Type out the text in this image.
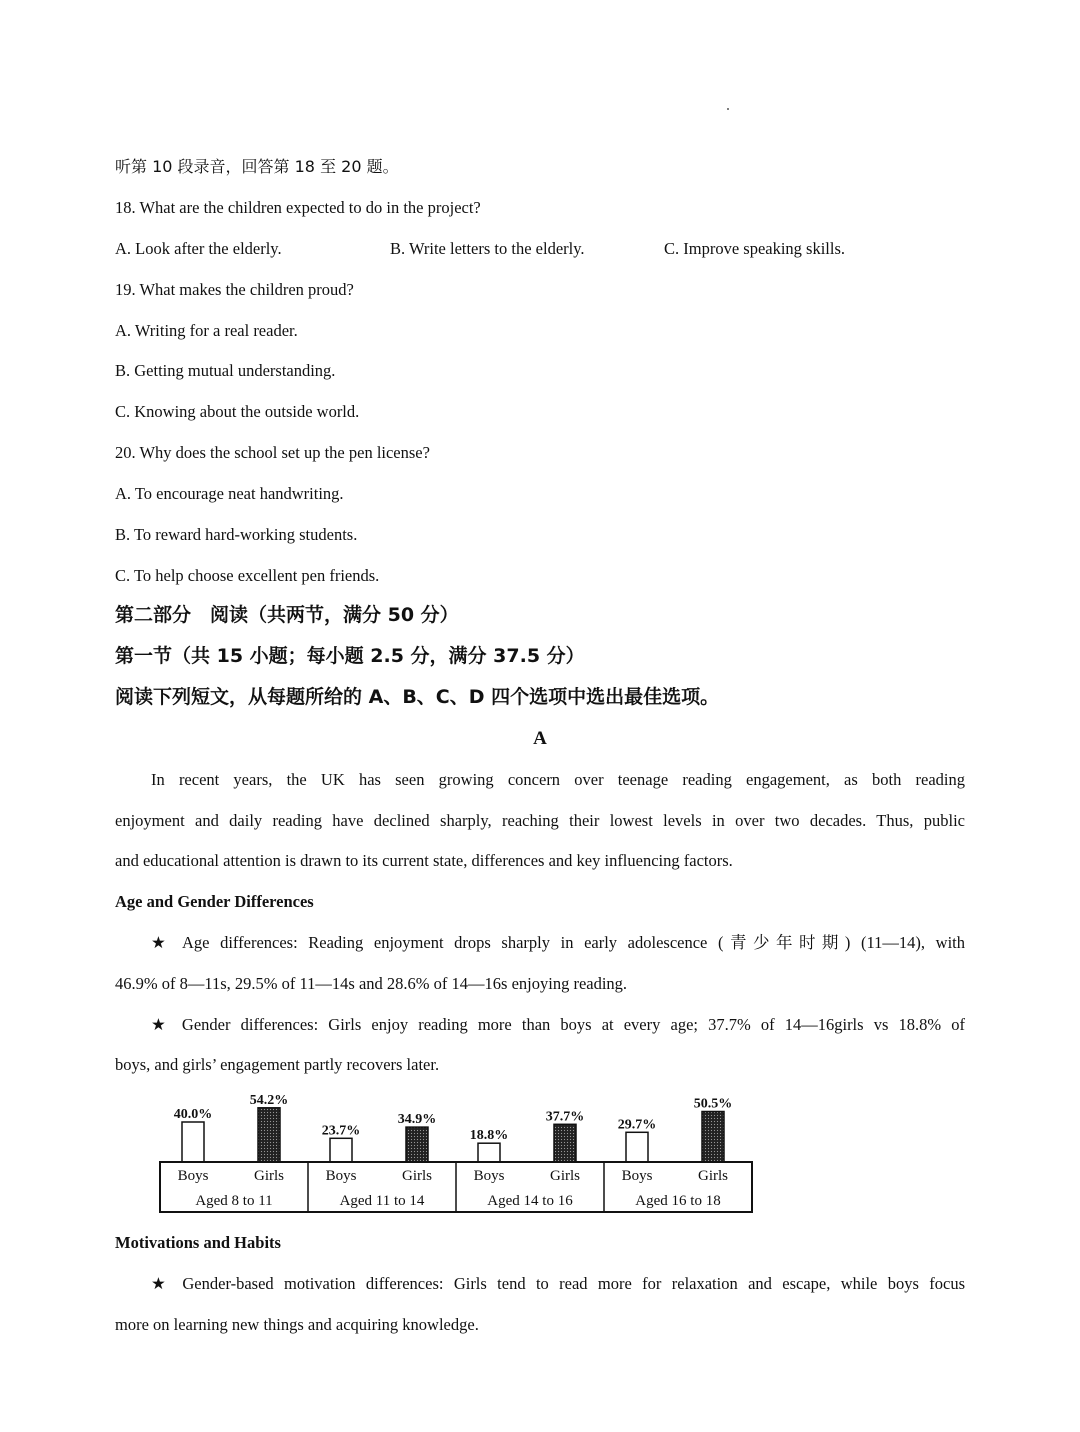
听第 10 段录音，回答第 18 至 20 题。
18. What are the children expected to do in the project?
A. Look after the elderly.	B. Write letters to the elderly.	C. Improve speaking skills.
19. What makes the children proud?
A. Writing for a real reader.
B. Getting mutual understanding.
C. Knowing about the outside world.
20. Why does the school set up the pen license?
A. To encourage neat handwriting.
B. To reward hard-working students.
C. To help choose excellent pen friends.
第二部分　阅读（共两节，满分 50 分）
第一节（共 15 小题；每小题 2.5 分，满分 37.5 分）
阅读下列短文，从每题所给的 A、B、C、D 四个选项中选出最佳选项。
A
In recent years, the UK has seen growing concern over teenage reading engagement, as both reading
enjoyment and daily reading have declined sharply, reaching their lowest levels in over two decades. Thus, public
and educational attention is drawn to its current state, differences and key influencing factors.
Age and Gender Differences
★ Age differences: Reading enjoyment drops sharply in early adolescence (青少年时期) (11—14), with
46.9% of 8—11s, 29.5% of 11—14s and 28.6% of 14—16s enjoying reading.
★ Gender differences: Girls enjoy reading more than boys at every age; 37.7% of 14—16girls vs 18.8% of
boys, and girls’ engagement partly recovers later.
40.0%
54.2%
23.7%
34.9%
18.8%
37.7%
29.7%
50.5%
Boys	Girls
Aged 8 to 11
Boys	Girls
Aged 11 to 14
Boys	Girls
Aged 14 to 16
Boys	Girls
Aged 16 to 18
Motivations and Habits
★ Gender-based motivation differences: Girls tend to read more for relaxation and escape, while boys focus
more on learning new things and acquiring knowledge.
